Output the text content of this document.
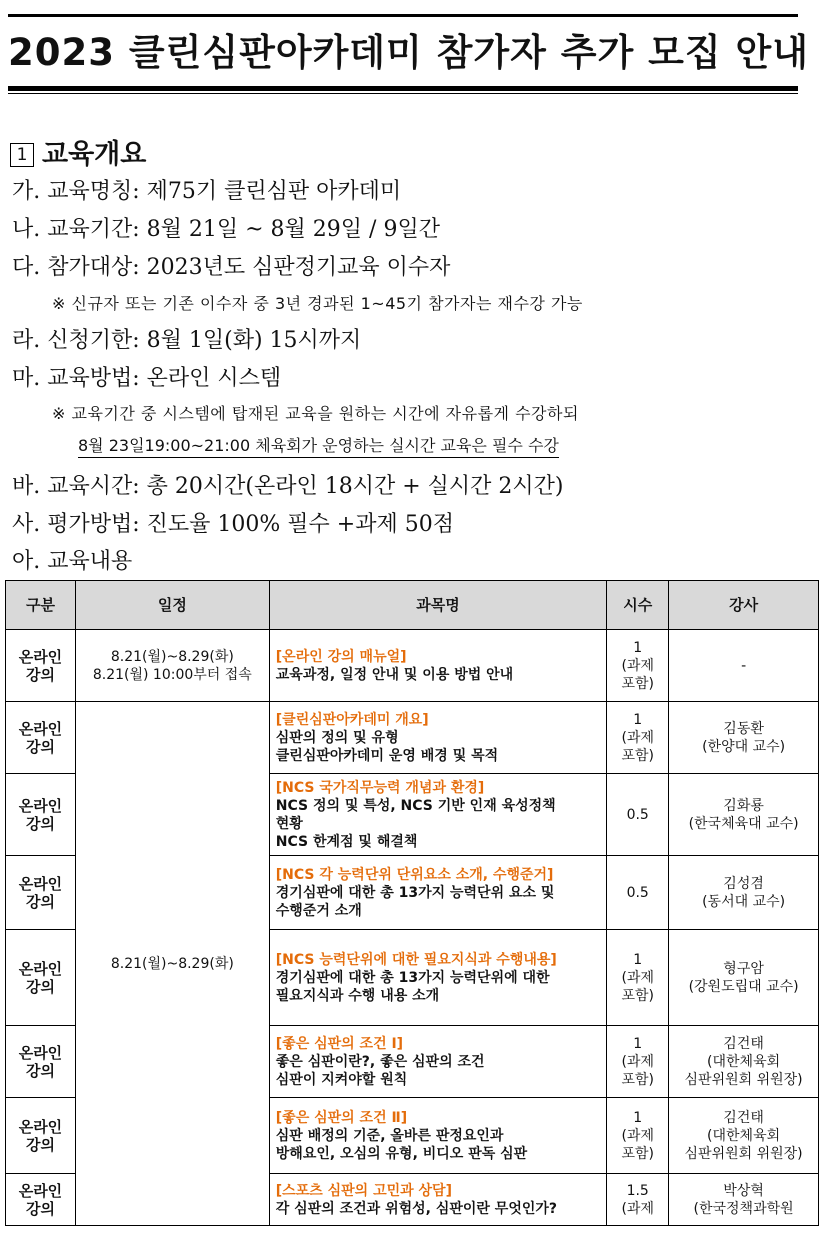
2023 클린심판아카데미 참가자 추가 모집 안내
1 교육개요
가. 교육명칭: 제75기 클린심판 아카데미
나. 교육기간: 8월 21일 ~ 8월 29일 / 9일간
다. 참가대상: 2023년도 심판정기교육 이수자
※ 신규자 또는 기존 이수자 중 3년 경과된 1~45기 참가자는 재수강 가능
라. 신청기한: 8월 1일(화) 15시까지
마. 교육방법: 온라인 시스템
※ 교육기간 중 시스템에 탑재된 교육을 원하는 시간에 자유롭게 수강하되
8월 23일19:00~21:00 체육회가 운영하는 실시간 교육은 필수 수강
바. 교육시간: 총 20시간(온라인 18시간 + 실시간 2시간)
사. 평가방법: 진도율 100% 필수 +과제 50점
아. 교육내용
구분	일정	과목명	시수	강사
온라인
강의	8.21(월)~8.29(화)
8.21(월) 10:00부터 접속	[온라인 강의 매뉴얼]
교육과정, 일정 안내 및 이용 방법 안내	1
(과제
포함)	-
온라인
강의	8.21(월)~8.29(화)	[클린심판아카데미 개요]
심판의 정의 및 유형
클린심판아카데미 운영 배경 및 목적	1
(과제
포함)	김동환
(한양대 교수)
온라인
강의		[NCS 국가직무능력 개념과 환경]
NCS 정의 및 특성, NCS 기반 인재 육성정책
현황
NCS 한계점 및 해결책	0.5	김화룡
(한국체육대 교수)
온라인
강의		[NCS 각 능력단위 단위요소 소개, 수행준거]
경기심판에 대한 총 13가지 능력단위 요소 및
수행준거 소개	0.5	김성겸
(동서대 교수)
온라인
강의		[NCS 능력단위에 대한 필요지식과 수행내용]
경기심판에 대한 총 13가지 능력단위에 대한
필요지식과 수행 내용 소개	1
(과제
포함)	형구암
(강원도립대 교수)
온라인
강의		[좋은 심판의 조건 Ⅰ]
좋은 심판이란?, 좋은 심판의 조건
심판이 지켜야할 원칙	1
(과제
포함)	김건태
(대한체육회
심판위원회 위원장)
온라인
강의		[좋은 심판의 조건 Ⅱ]
심판 배정의 기준, 올바른 판정요인과
방해요인, 오심의 유형, 비디오 판독 심판	1
(과제
포함)	김건태
(대한체육회
심판위원회 위원장)
온라인
강의		[스포츠 심판의 고민과 상담]
각 심판의 조건과 위험성, 심판이란 무엇인가?	1.5
(과제	박상혁
(한국정책과학원
